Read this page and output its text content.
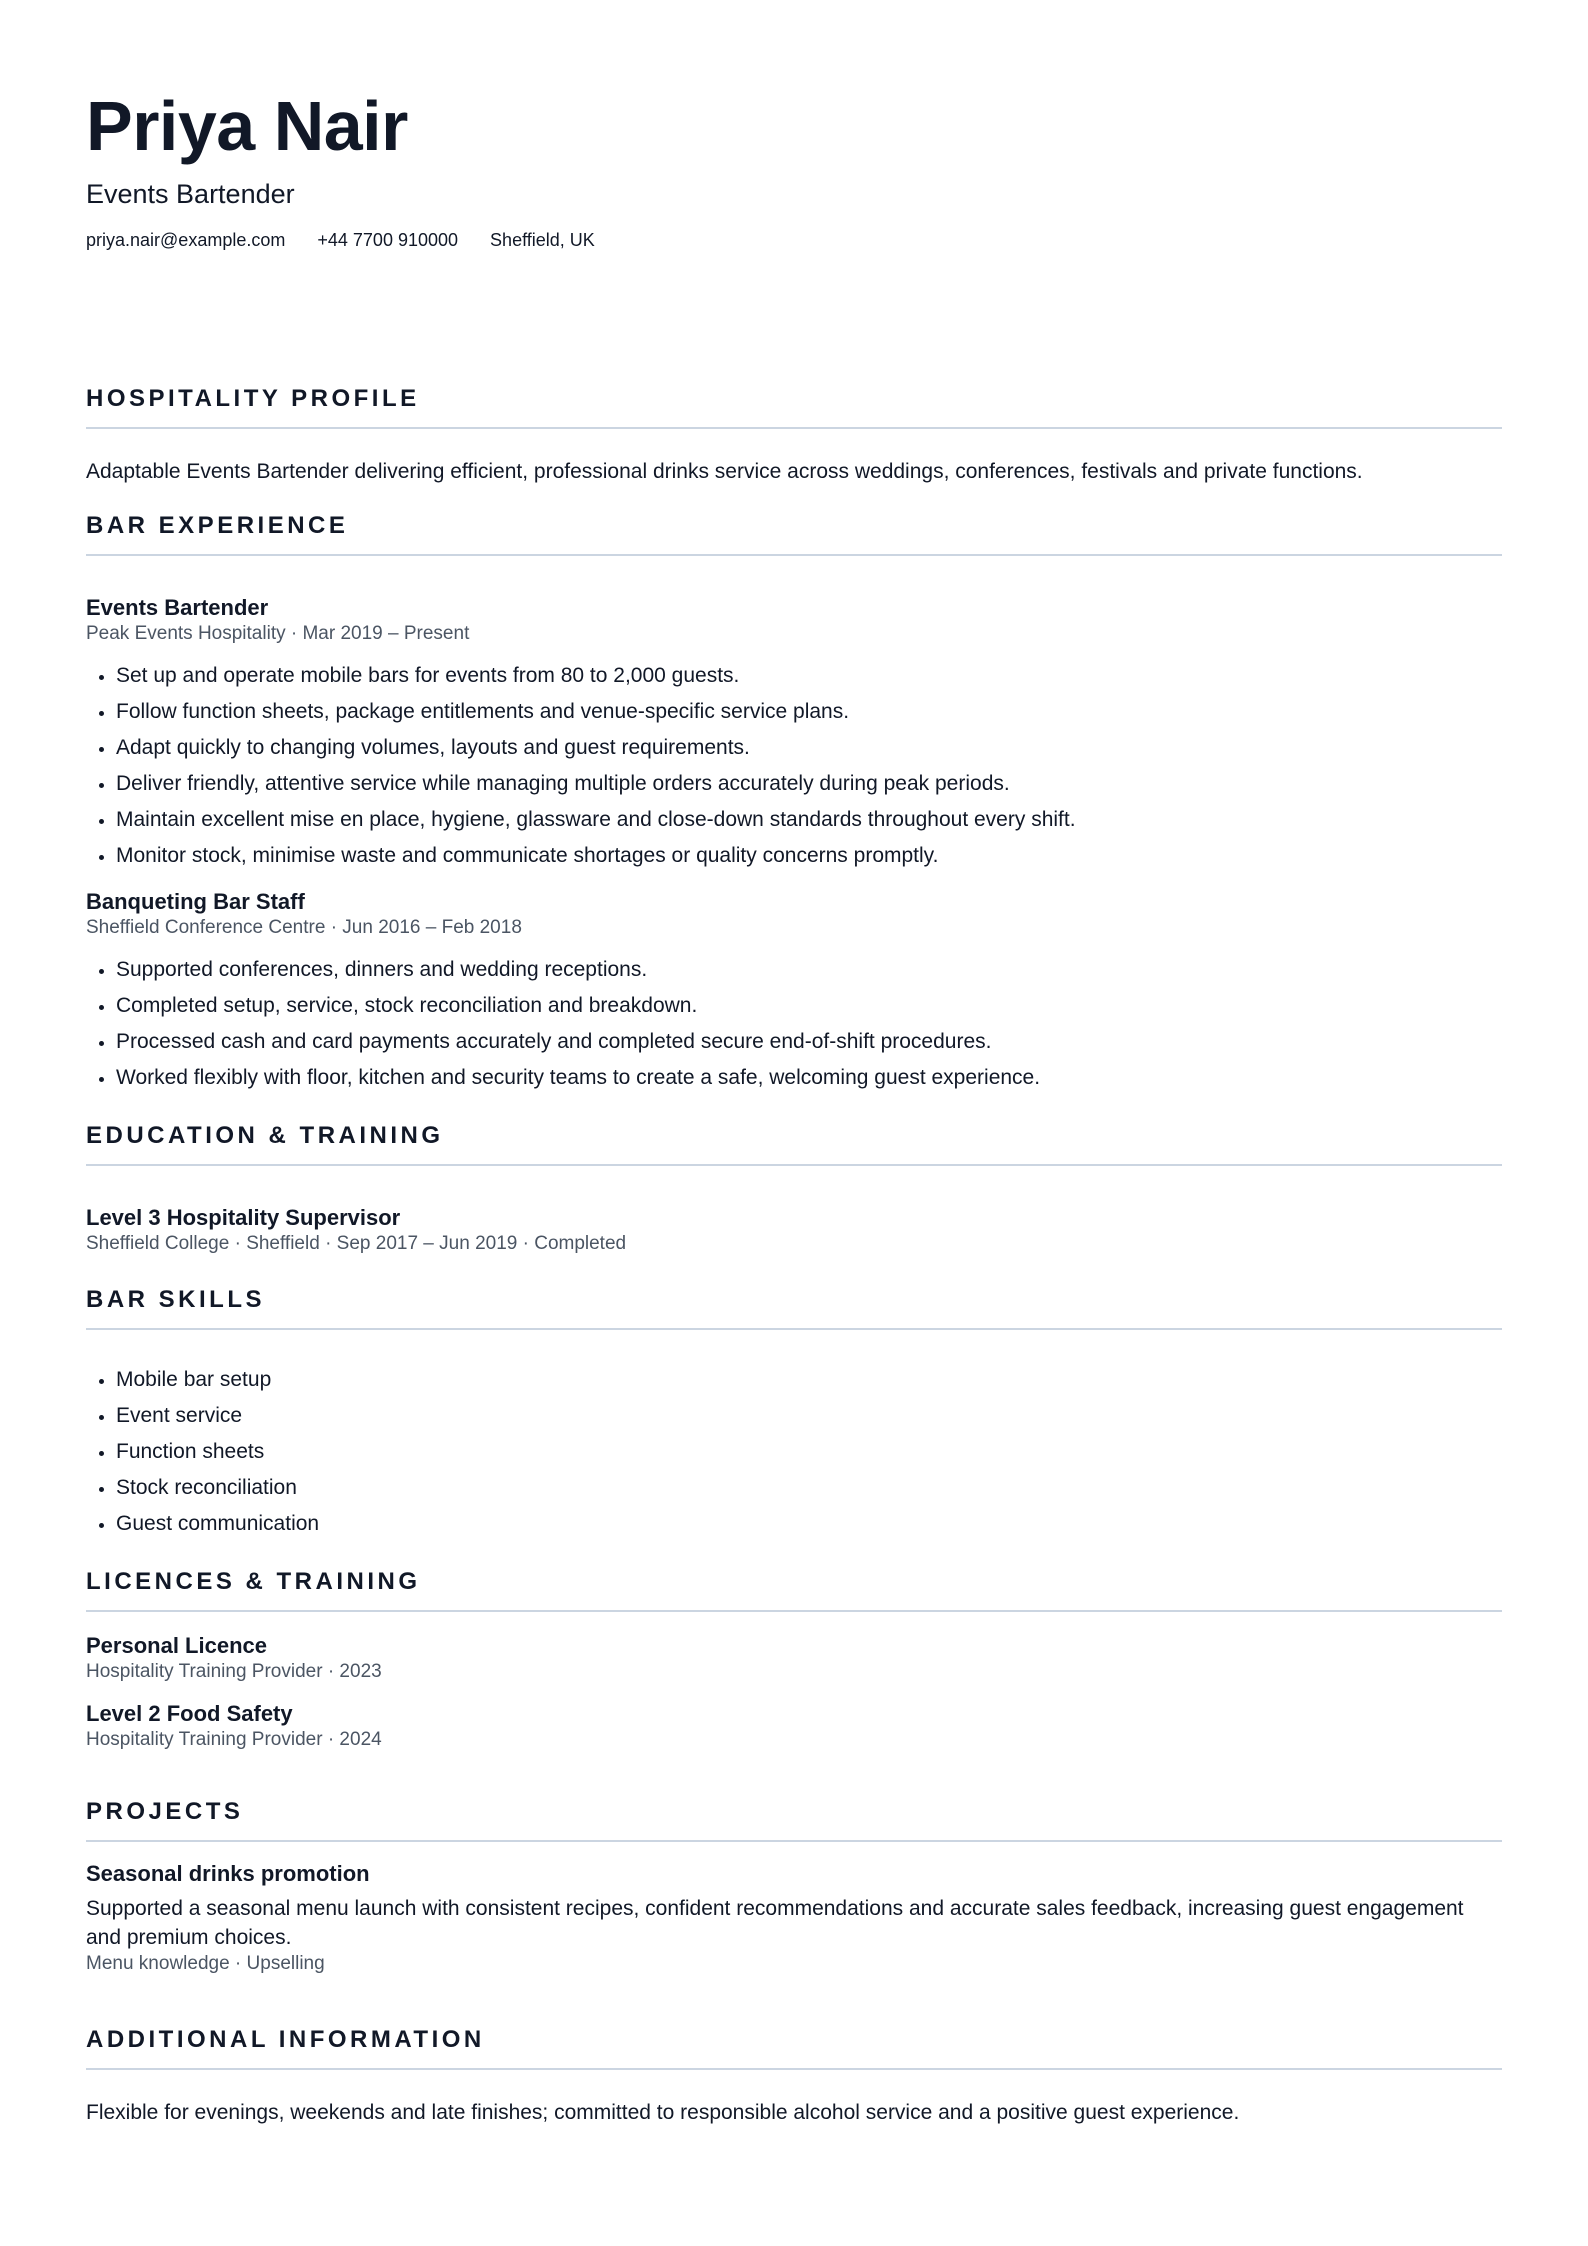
Priya Nair
Events Bartender
priya.nair@example.com +44 7700 910000 Sheffield, UK
HOSPITALITY PROFILE
Adaptable Events Bartender delivering efficient, professional drinks service across weddings, conferences, festivals and private functions.
BAR EXPERIENCE
Events Bartender
Peak Events Hospitality · Mar 2019 – Present
• Set up and operate mobile bars for events from 80 to 2,000 guests.
• Follow function sheets, package entitlements and venue-specific service plans.
• Adapt quickly to changing volumes, layouts and guest requirements.
• Deliver friendly, attentive service while managing multiple orders accurately during peak periods.
• Maintain excellent mise en place, hygiene, glassware and close-down standards throughout every shift.
• Monitor stock, minimise waste and communicate shortages or quality concerns promptly.
Banqueting Bar Staff
Sheffield Conference Centre · Jun 2016 – Feb 2018
• Supported conferences, dinners and wedding receptions.
• Completed setup, service, stock reconciliation and breakdown.
• Processed cash and card payments accurately and completed secure end-of-shift procedures.
• Worked flexibly with floor, kitchen and security teams to create a safe, welcoming guest experience.
EDUCATION & TRAINING
Level 3 Hospitality Supervisor
Sheffield College · Sheffield · Sep 2017 – Jun 2019 · Completed
BAR SKILLS
• Mobile bar setup
• Event service
• Function sheets
• Stock reconciliation
• Guest communication
LICENCES & TRAINING
Personal Licence
Hospitality Training Provider · 2023
Level 2 Food Safety
Hospitality Training Provider · 2024
PROJECTS
Seasonal drinks promotion
Supported a seasonal menu launch with consistent recipes, confident recommendations and accurate sales feedback, increasing guest engagement and premium choices.
Menu knowledge · Upselling
ADDITIONAL INFORMATION
Flexible for evenings, weekends and late finishes; committed to responsible alcohol service and a positive guest experience.
